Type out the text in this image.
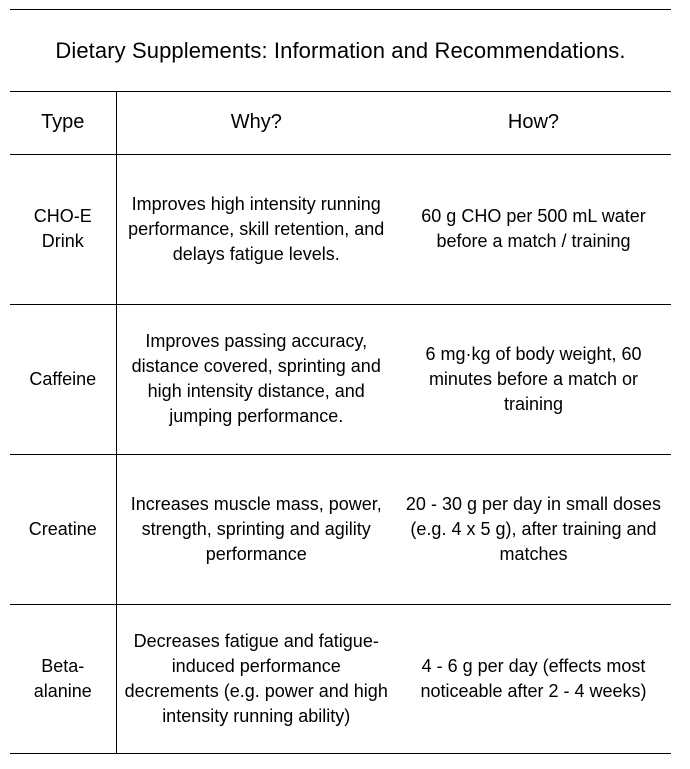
Dietary Supplements: Information and Recommendations.
Type	Why?	How?
CHO-E Drink	Improves high intensity running performance, skill retention, and delays fatigue levels.	60 g CHO per 500 mL water before a match / training
Caffeine	Improves passing accuracy, distance covered, sprinting and high intensity distance, and jumping performance.	6 mg·kg of body weight, 60 minutes before a match or training
Creatine	Increases muscle mass, power, strength, sprinting and agility performance	20 - 30 g per day in small doses (e.g. 4 x 5 g), after training and matches
Beta-alanine	Decreases fatigue and fatigue-induced performance decrements (e.g. power and high intensity running ability)	4 - 6 g per day (effects most noticeable after 2 - 4 weeks)
